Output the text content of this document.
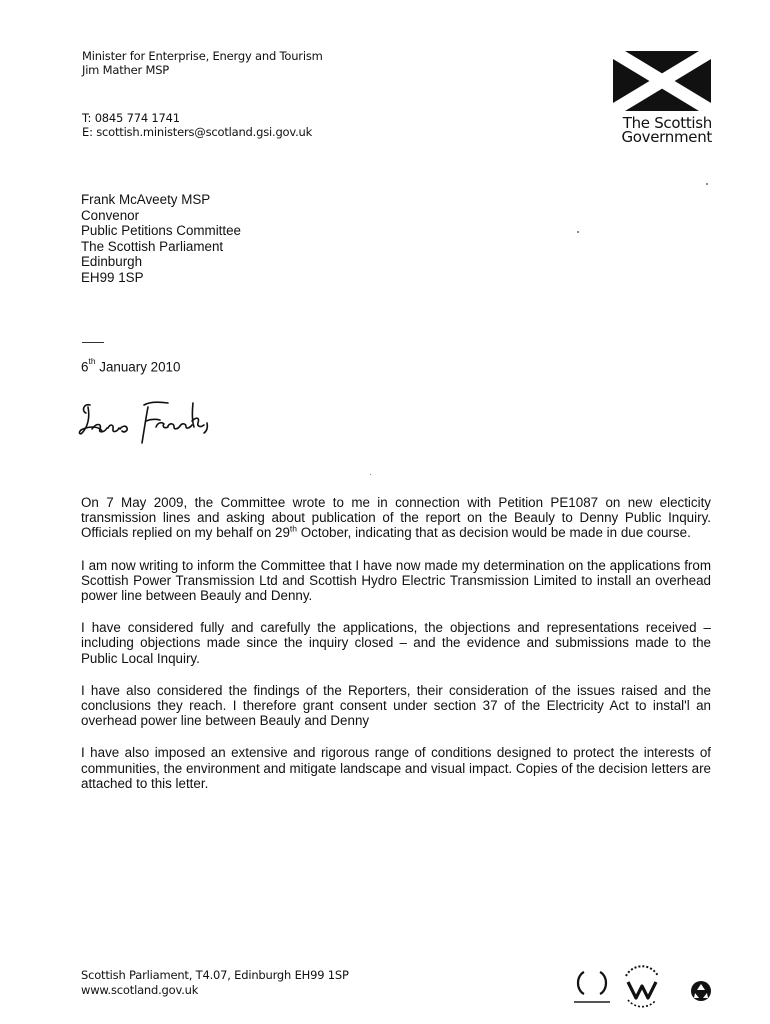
Minister for Enterprise, Energy and Tourism
Jim Mather MSP
T: 0845 774 1741
E: scottish.ministers@scotland.gsi.gov.uk	The Scottish
Government
Frank McAveety MSP
Convenor
Public Petitions Committee
The Scottish Parliament
Edinburgh
EH99 1SP
6th January 2010

On 7 May 2009, the Committee wrote to me in connection with Petition PE1087 on new electicity transmission lines and asking about publication of the report on the Beauly to Denny Public Inquiry. Officials replied on my behalf on 29th October, indicating that as decision would be made in due course.

I am now writing to inform the Committee that I have now made my determination on the applications from Scottish Power Transmission Ltd and Scottish Hydro Electric Transmission Limited to install an overhead power line between Beauly and Denny.

I have considered fully and carefully the applications, the objections and representations received – including objections made since the inquiry closed – and the evidence and submissions made to the Public Local Inquiry.

I have also considered the findings of the Reporters, their consideration of the issues raised and the conclusions they reach. I therefore grant consent under section 37 of the Electricity Act to instal'l an overhead power line between Beauly and Denny

I have also imposed an extensive and rigorous range of conditions designed to protect the interests of communities, the environment and mitigate landscape and visual impact. Copies of the decision letters are attached to this letter.

Scottish Parliament, T4.07, Edinburgh EH99 1SP
www.scotland.gov.uk
